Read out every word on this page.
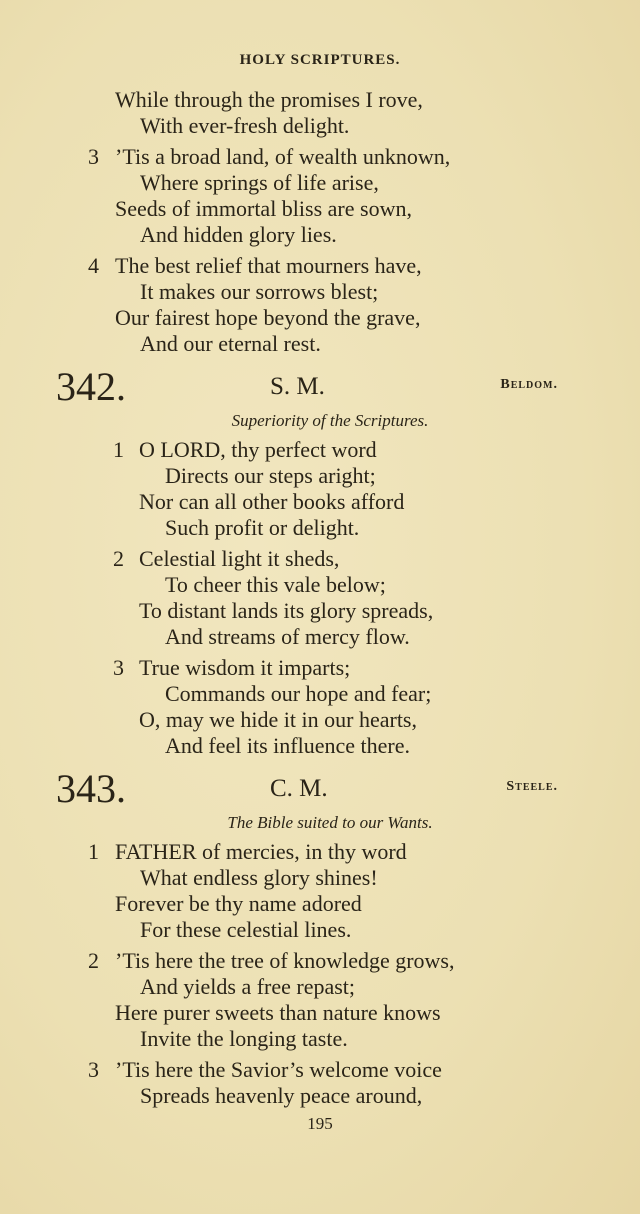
HOLY SCRIPTURES.
While through the promises I rove,
With ever-fresh delight.
3 ’Tis a broad land, of wealth unknown,
Where springs of life arise,
Seeds of immortal bliss are sown,
And hidden glory lies.
4 The best relief that mourners have,
It makes our sorrows blest;
Our fairest hope beyond the grave,
And our eternal rest.
342.	S. M.	Beldom.
Superiority of the Scriptures.
1 O LORD, thy perfect word
Directs our steps aright;
Nor can all other books afford
Such profit or delight.
2 Celestial light it sheds,
To cheer this vale below;
To distant lands its glory spreads,
And streams of mercy flow.
3 True wisdom it imparts;
Commands our hope and fear;
O, may we hide it in our hearts,
And feel its influence there.
343.	C. M.	Steele.
The Bible suited to our Wants.
1 FATHER of mercies, in thy word
What endless glory shines!
Forever be thy name adored
For these celestial lines.
2 ’Tis here the tree of knowledge grows,
And yields a free repast;
Here purer sweets than nature knows
Invite the longing taste.
3 ’Tis here the Savior’s welcome voice
Spreads heavenly peace around,
195
